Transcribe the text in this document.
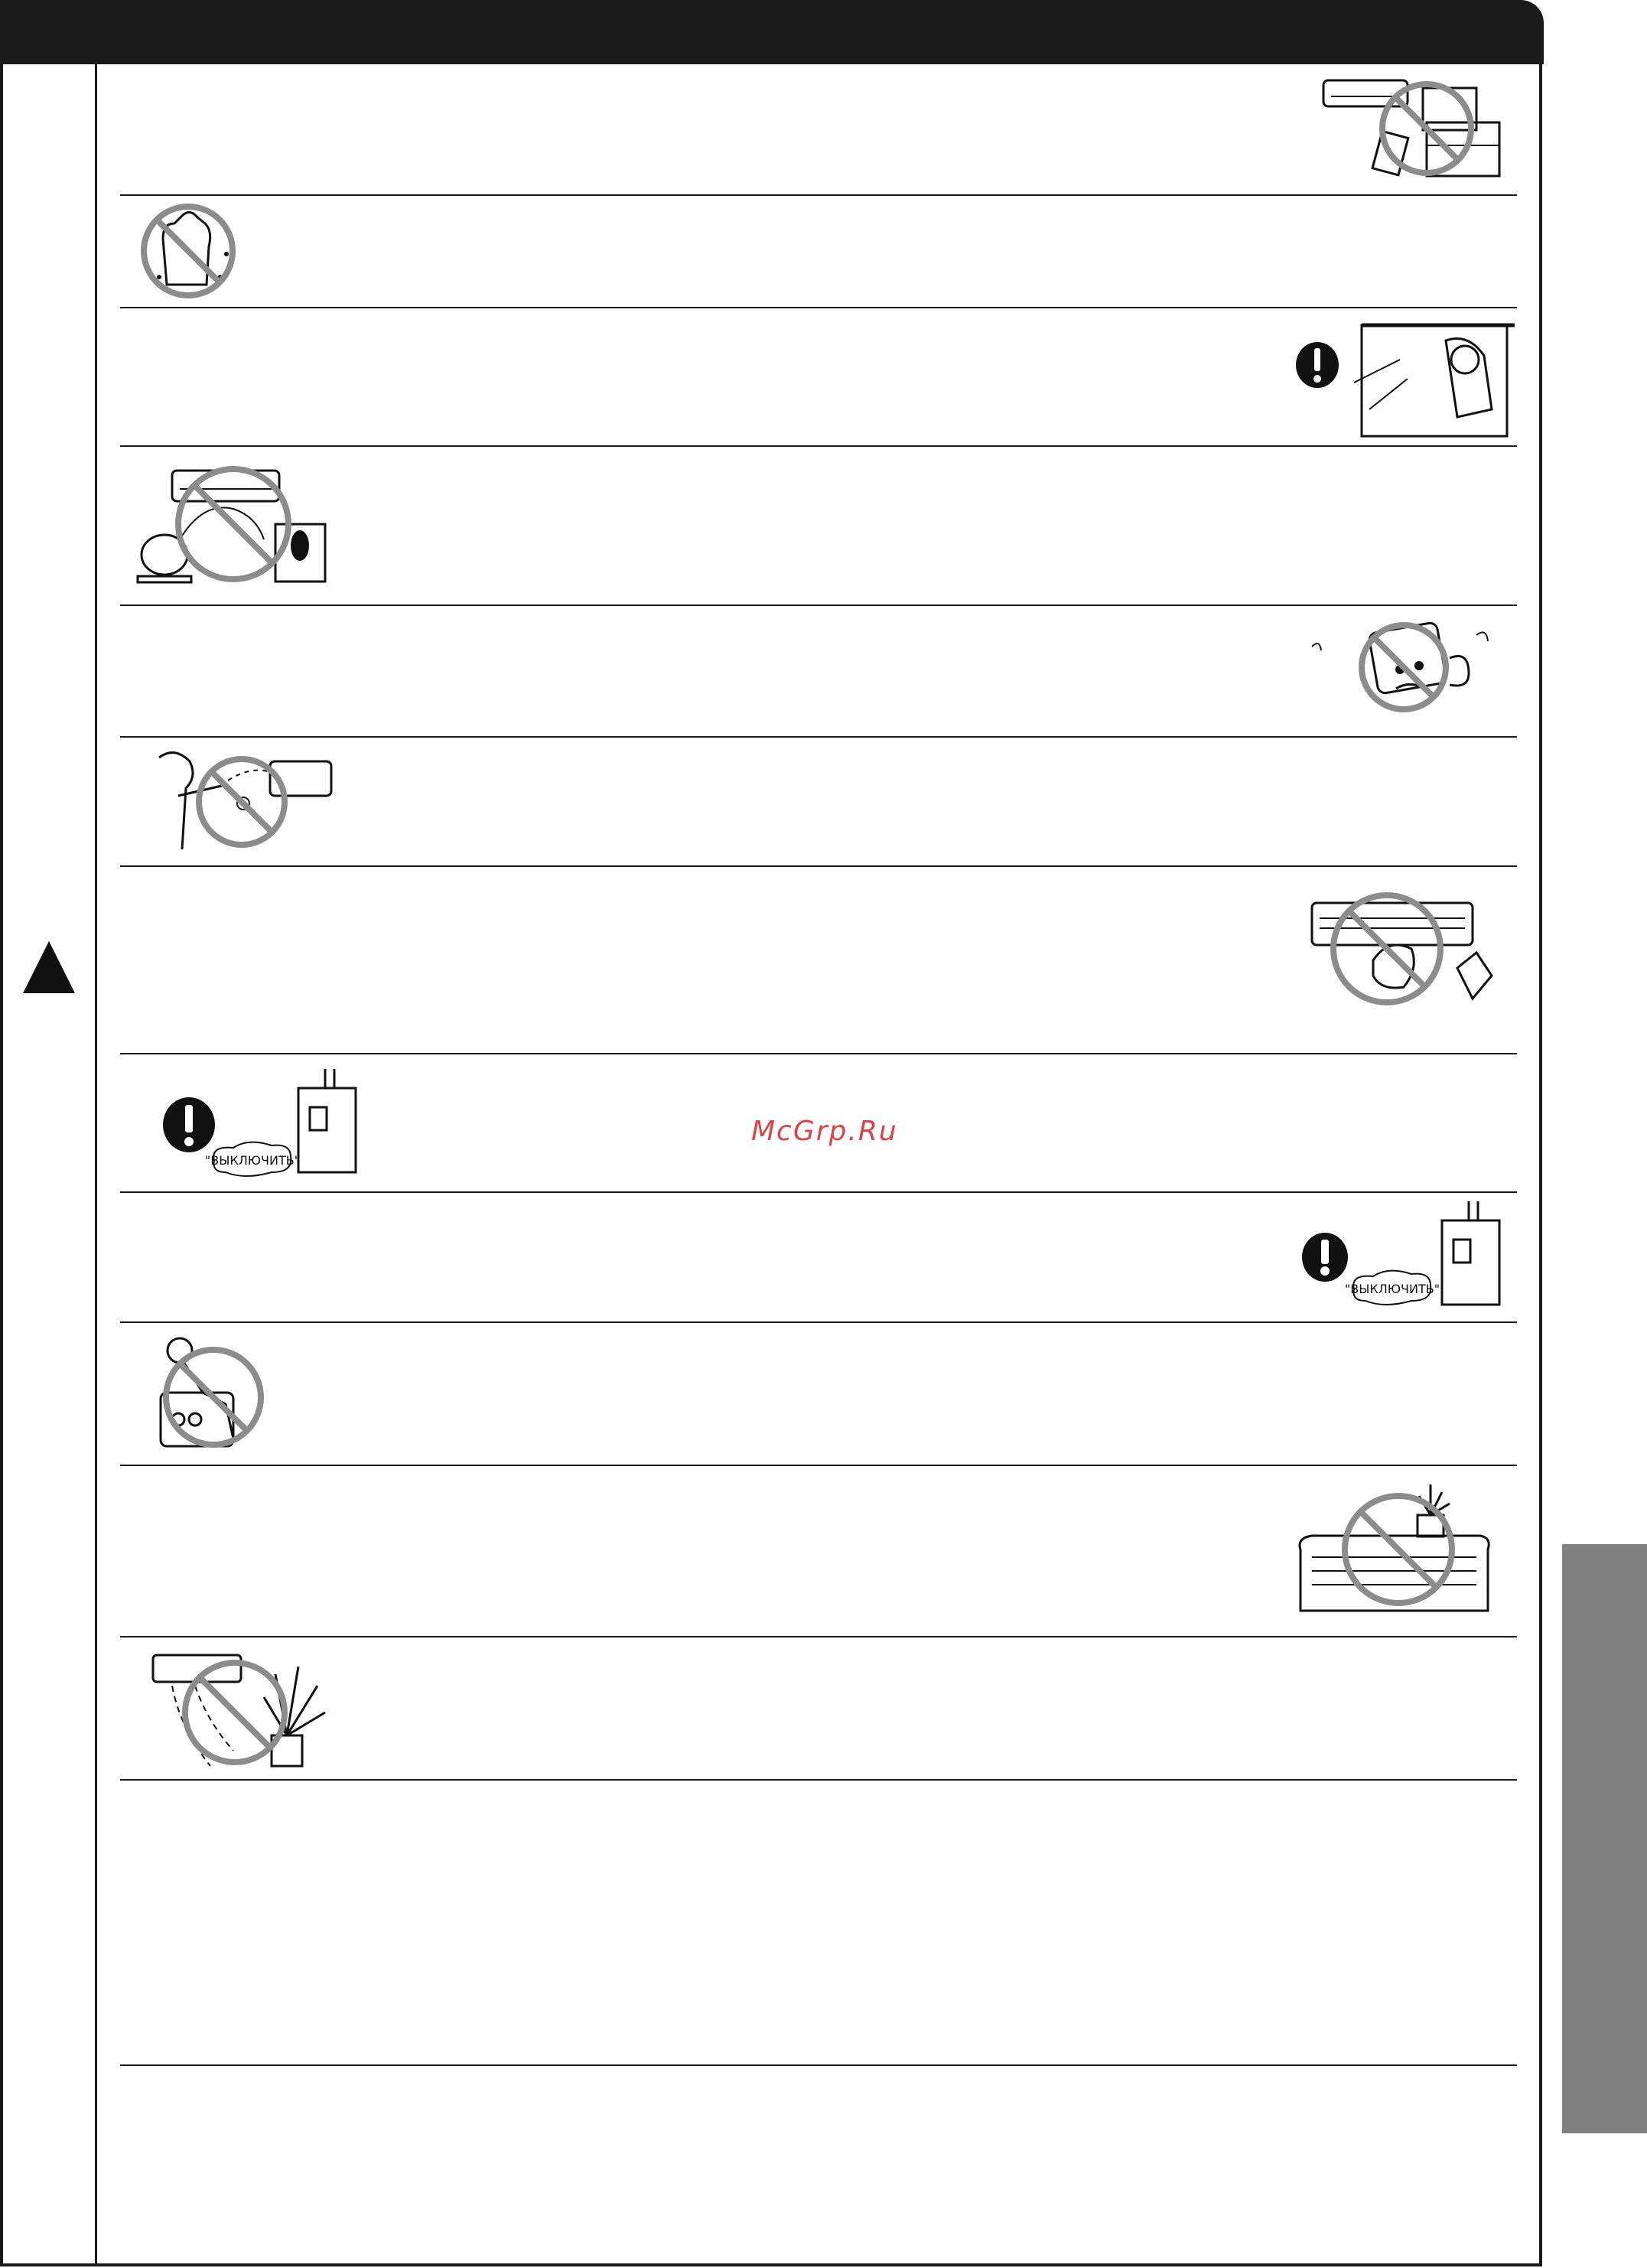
"ВЫКЛЮЧИТЬ"
"ВЫКЛЮЧИТЬ"
McGrp.Ru
